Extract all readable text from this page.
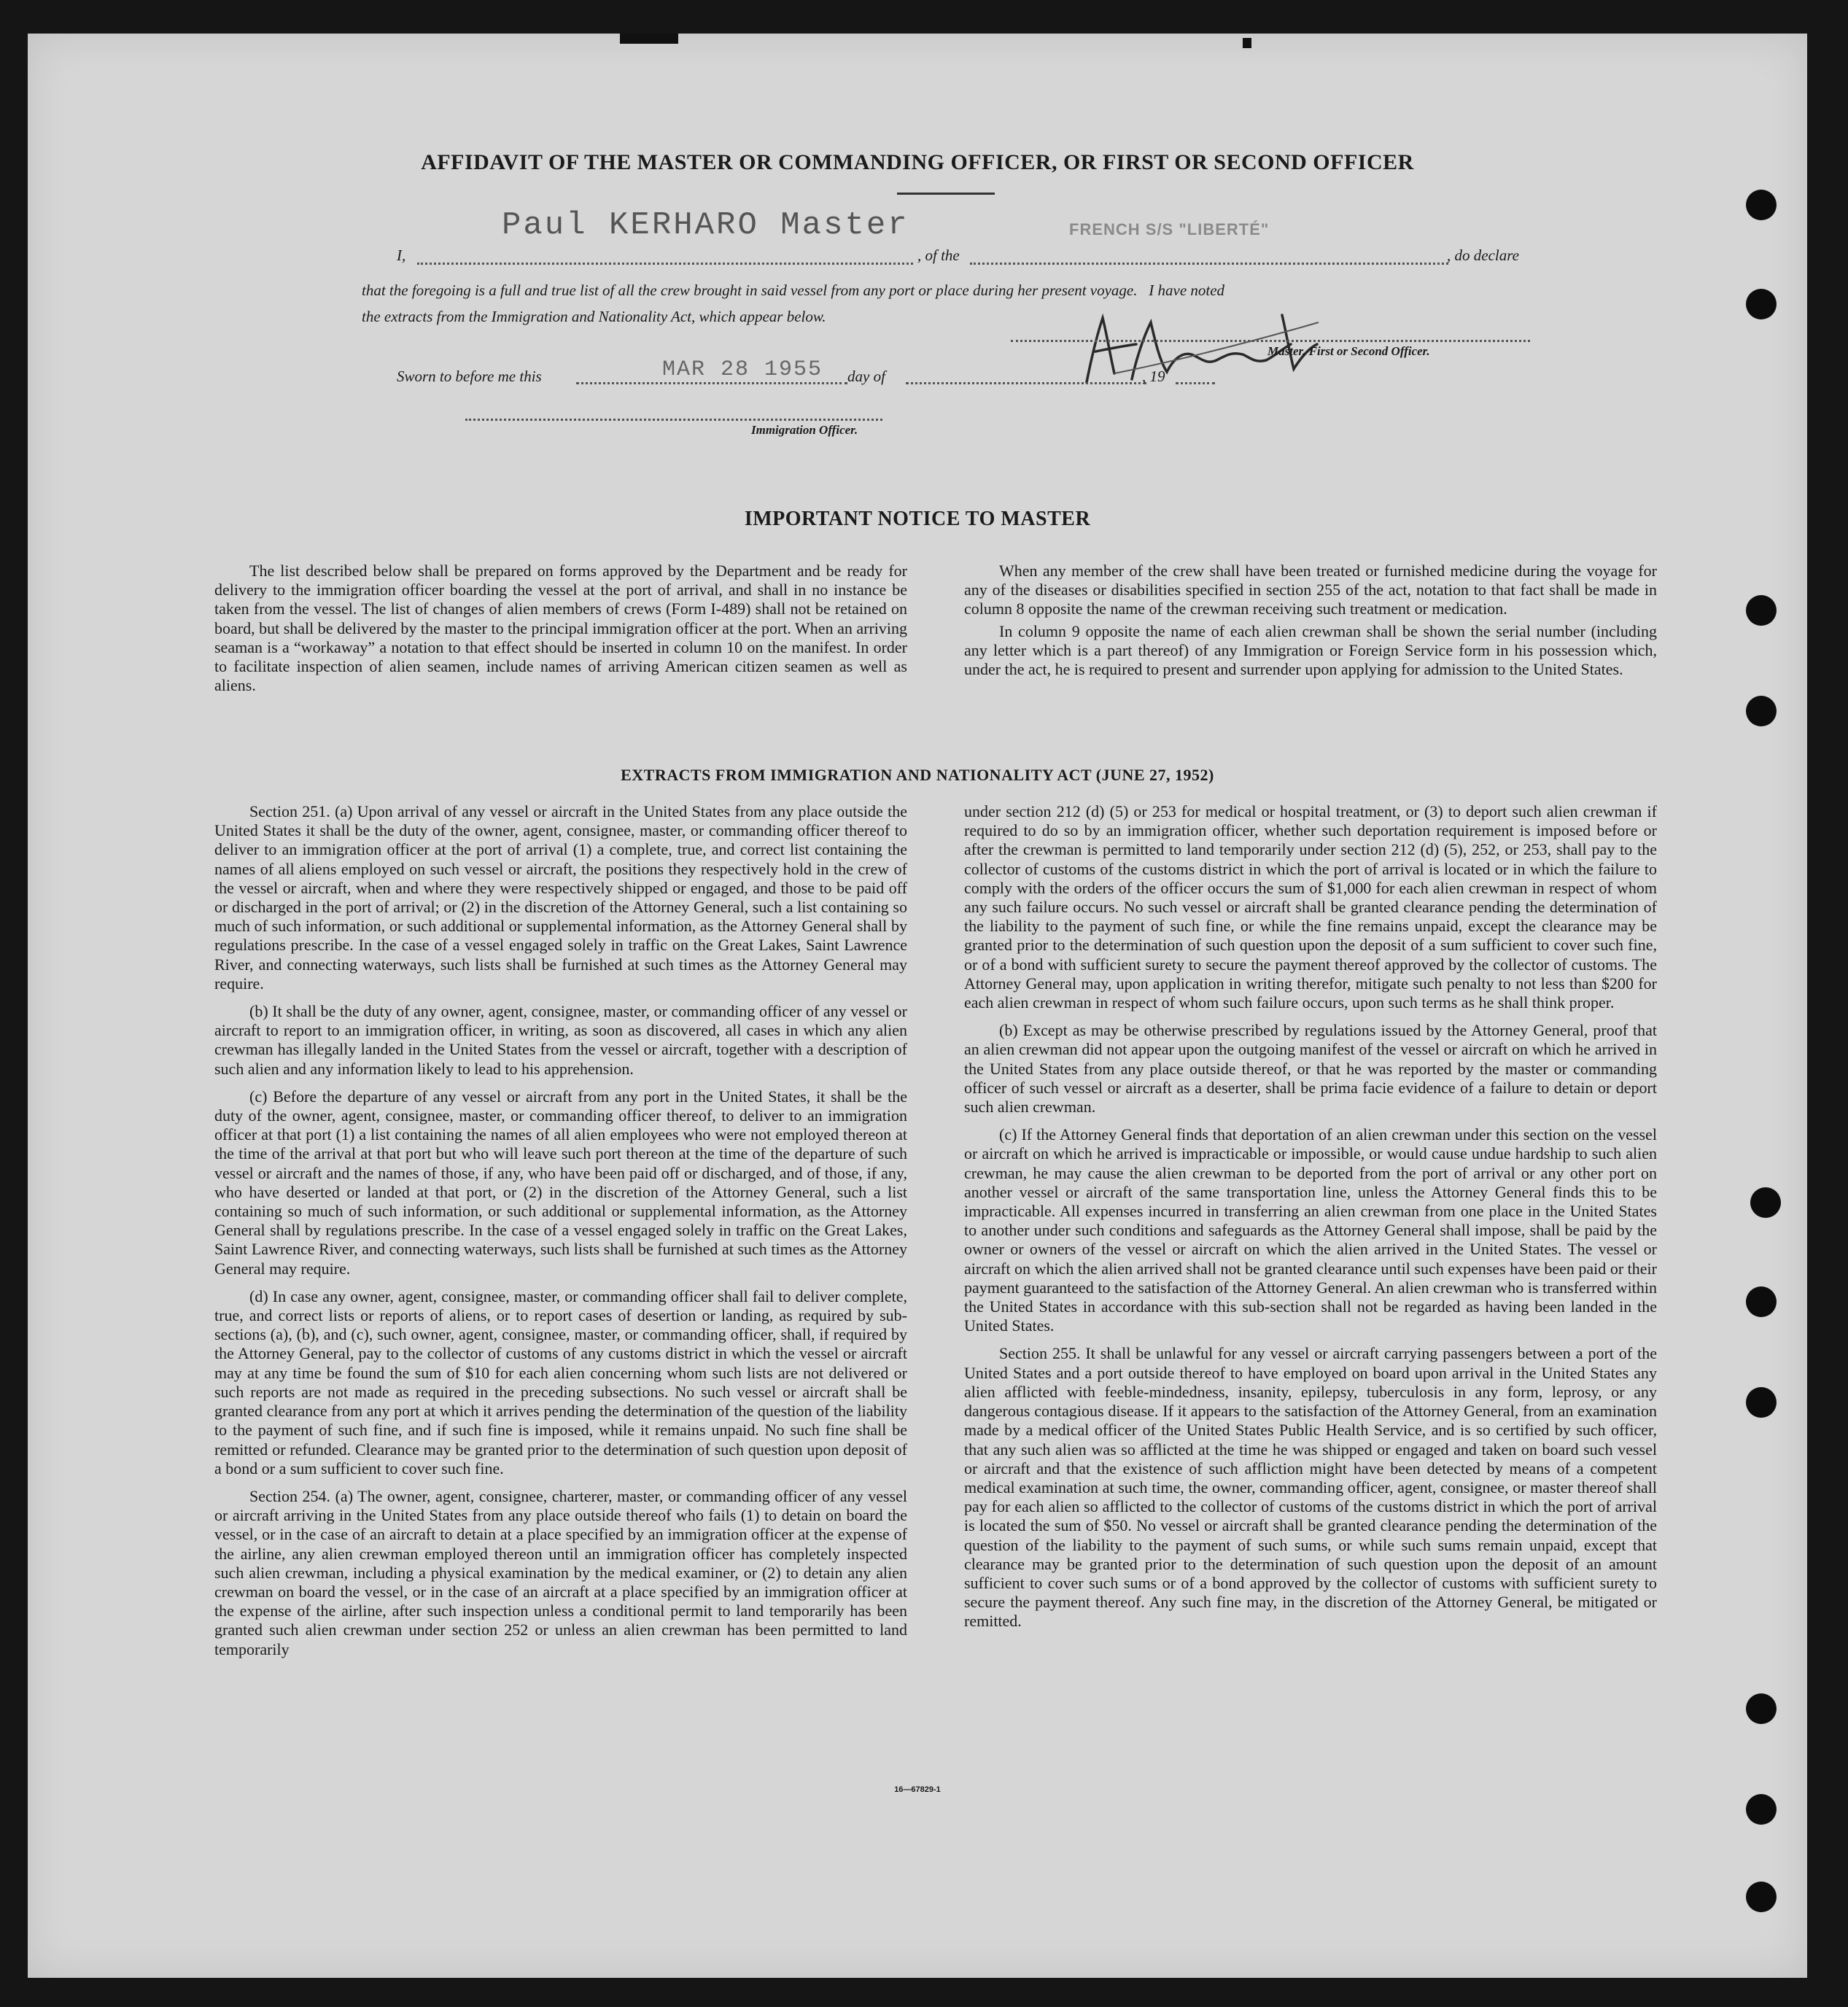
AFFIDAVIT OF THE MASTER OR COMMANDING OFFICER, OR FIRST OR SECOND OFFICER
I,
Paul KERHARO Master
, of the
FRENCH S/S "LIBERTÉ"
, do declare
that the foregoing is a full and true list of all the crew brought in said vessel from any port or place during her present voyage.   I have noted
the extracts from the Immigration and Nationality Act, which appear below.
Master, First or Second Officer.
Sworn to before me this	MAR 28 1955 day of	, 19
Immigration Officer.
IMPORTANT NOTICE TO MASTER

The list described below shall be prepared on forms approved by the Department and be ready for delivery to the immigration officer boarding the vessel at the port of arrival, and shall in no instance be taken from the vessel. The list of changes of alien members of crews (Form I-489) shall not be retained on board, but shall be delivered by the master to the principal immigration officer at the port. When an arriving seaman is a “workaway” a notation to that effect should be inserted in column 10 on the manifest. In order to facilitate inspection of alien seamen, include names of arriving American citizen seamen as well as aliens.

When any member of the crew shall have been treated or furnished medicine during the voyage for any of the diseases or disabilities specified in section 255 of the act, notation to that fact shall be made in column 8 opposite the name of the crewman receiving such treatment or medication.

In column 9 opposite the name of each alien crewman shall be shown the serial number (including any letter which is a part thereof) of any Immigration or Foreign Service form in his possession which, under the act, he is required to present and surrender upon applying for admission to the United States.

EXTRACTS FROM IMMIGRATION AND NATIONALITY ACT (JUNE 27, 1952)

Section 251. (a) Upon arrival of any vessel or aircraft in the United States from any place outside the United States it shall be the duty of the owner, agent, consignee, master, or commanding officer thereof to deliver to an immigration officer at the port of arrival (1) a complete, true, and correct list containing the names of all aliens employed on such vessel or aircraft, the positions they respectively hold in the crew of the vessel or aircraft, when and where they were respectively shipped or engaged, and those to be paid off or discharged in the port of arrival; or (2) in the discretion of the Attorney General, such a list containing so much of such information, or such additional or supplemental information, as the Attorney General shall by regulations prescribe. In the case of a vessel engaged solely in traffic on the Great Lakes, Saint Lawrence River, and connecting waterways, such lists shall be furnished at such times as the Attorney General may require.

(b) It shall be the duty of any owner, agent, consignee, master, or commanding officer of any vessel or aircraft to report to an immigration officer, in writing, as soon as discovered, all cases in which any alien crewman has illegally landed in the United States from the vessel or aircraft, together with a description of such alien and any information likely to lead to his apprehension.

(c) Before the departure of any vessel or aircraft from any port in the United States, it shall be the duty of the owner, agent, consignee, master, or commanding officer thereof, to deliver to an immigration officer at that port (1) a list containing the names of all alien employees who were not employed thereon at the time of the arrival at that port but who will leave such port thereon at the time of the departure of such vessel or aircraft and the names of those, if any, who have been paid off or discharged, and of those, if any, who have deserted or landed at that port, or (2) in the discretion of the Attorney General, such a list containing so much of such information, or such additional or supplemental information, as the Attorney General shall by regulations prescribe. In the case of a vessel engaged solely in traffic on the Great Lakes, Saint Lawrence River, and connecting waterways, such lists shall be furnished at such times as the Attorney General may require.

(d) In case any owner, agent, consignee, master, or commanding officer shall fail to deliver complete, true, and correct lists or reports of aliens, or to report cases of desertion or landing, as required by sub-sections (a), (b), and (c), such owner, agent, consignee, master, or commanding officer, shall, if required by the Attorney General, pay to the collector of customs of any customs district in which the vessel or aircraft may at any time be found the sum of $10 for each alien concerning whom such lists are not delivered or such reports are not made as required in the preceding subsections. No such vessel or aircraft shall be granted clearance from any port at which it arrives pending the determination of the question of the liability to the payment of such fine, and if such fine is imposed, while it remains unpaid. No such fine shall be remitted or refunded. Clearance may be granted prior to the determination of such question upon deposit of a bond or a sum sufficient to cover such fine.

Section 254. (a) The owner, agent, consignee, charterer, master, or commanding officer of any vessel or aircraft arriving in the United States from any place outside thereof who fails (1) to detain on board the vessel, or in the case of an aircraft to detain at a place specified by an immigration officer at the expense of the airline, any alien crewman employed thereon until an immigration officer has completely inspected such alien crewman, including a physical examination by the medical examiner, or (2) to detain any alien crewman on board the vessel, or in the case of an aircraft at a place specified by an immigration officer at the expense of the airline, after such inspection unless a conditional permit to land temporarily has been granted such alien crewman under section 252 or unless an alien crewman has been permitted to land temporarily

under section 212 (d) (5) or 253 for medical or hospital treatment, or (3) to deport such alien crewman if required to do so by an immigration officer, whether such deportation requirement is imposed before or after the crewman is permitted to land temporarily under section 212 (d) (5), 252, or 253, shall pay to the collector of customs of the customs district in which the port of arrival is located or in which the failure to comply with the orders of the officer occurs the sum of $1,000 for each alien crewman in respect of whom any such failure occurs. No such vessel or aircraft shall be granted clearance pending the determination of the liability to the payment of such fine, or while the fine remains unpaid, except the clearance may be granted prior to the determination of such question upon the deposit of a sum sufficient to cover such fine, or of a bond with sufficient surety to secure the payment thereof approved by the collector of customs. The Attorney General may, upon application in writing therefor, mitigate such penalty to not less than $200 for each alien crewman in respect of whom such failure occurs, upon such terms as he shall think proper.

(b) Except as may be otherwise prescribed by regulations issued by the Attorney General, proof that an alien crewman did not appear upon the outgoing manifest of the vessel or aircraft on which he arrived in the United States from any place outside thereof, or that he was reported by the master or commanding officer of such vessel or aircraft as a deserter, shall be prima facie evidence of a failure to detain or deport such alien crewman.

(c) If the Attorney General finds that deportation of an alien crewman under this section on the vessel or aircraft on which he arrived is impracticable or impossible, or would cause undue hardship to such alien crewman, he may cause the alien crewman to be deported from the port of arrival or any other port on another vessel or aircraft of the same transportation line, unless the Attorney General finds this to be impracticable. All expenses incurred in transferring an alien crewman from one place in the United States to another under such conditions and safeguards as the Attorney General shall impose, shall be paid by the owner or owners of the vessel or aircraft on which the alien arrived in the United States. The vessel or aircraft on which the alien arrived shall not be granted clearance until such expenses have been paid or their payment guaranteed to the satisfaction of the Attorney General. An alien crewman who is transferred within the United States in accordance with this sub-section shall not be regarded as having been landed in the United States.

Section 255. It shall be unlawful for any vessel or aircraft carrying passengers between a port of the United States and a port outside thereof to have employed on board upon arrival in the United States any alien afflicted with feeble-mindedness, insanity, epilepsy, tuberculosis in any form, leprosy, or any dangerous contagious disease. If it appears to the satisfaction of the Attorney General, from an examination made by a medical officer of the United States Public Health Service, and is so certified by such officer, that any such alien was so afflicted at the time he was shipped or engaged and taken on board such vessel or aircraft and that the existence of such affliction might have been detected by means of a competent medical examination at such time, the owner, commanding officer, agent, consignee, or master thereof shall pay for each alien so afflicted to the collector of customs of the customs district in which the port of arrival is located the sum of $50. No vessel or aircraft shall be granted clearance pending the determination of the question of the liability to the payment of such sums, or while such sums remain unpaid, except that clearance may be granted prior to the determination of such question upon the deposit of an amount sufficient to cover such sums or of a bond approved by the collector of customs with sufficient surety to secure the payment thereof. Any such fine may, in the discretion of the Attorney General, be mitigated or remitted.

16—67829-1
